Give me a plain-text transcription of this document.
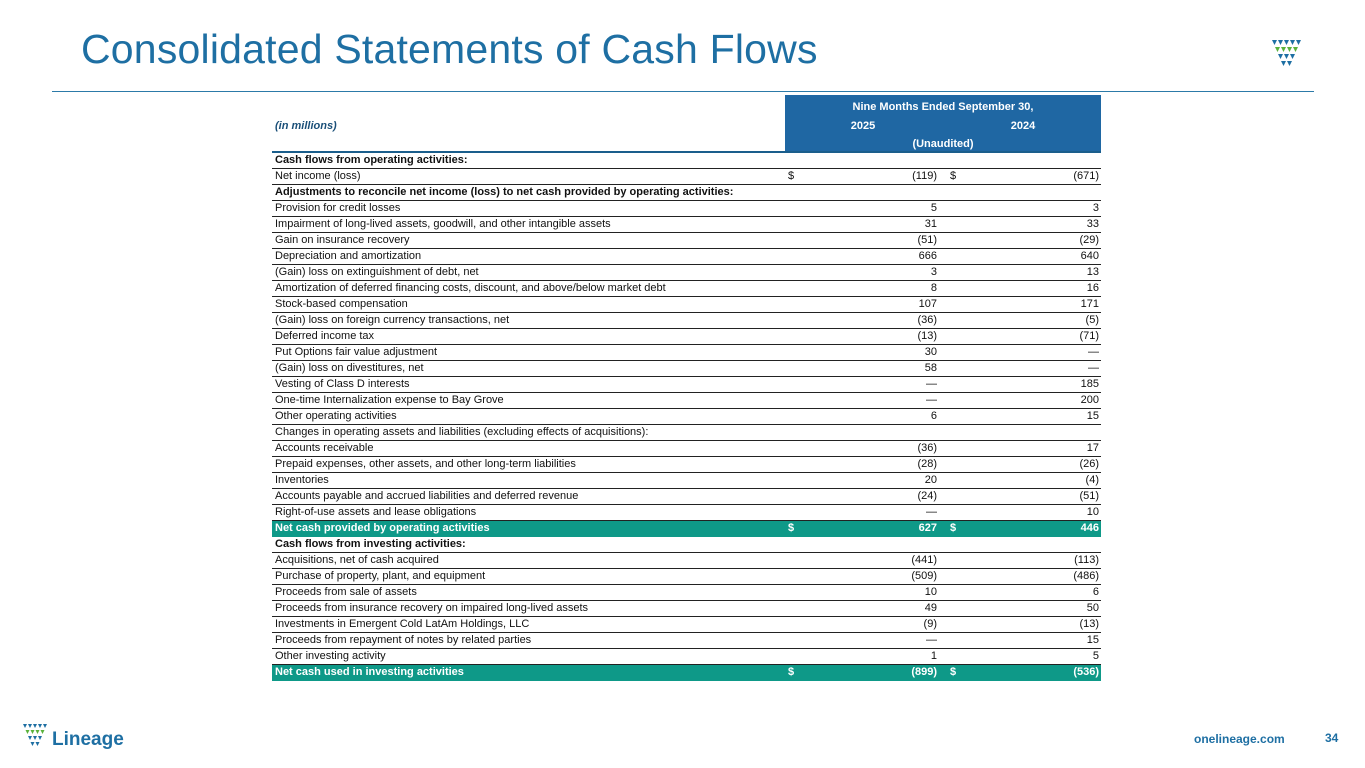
Consolidated Statements of Cash Flows
(in millions)
Nine Months Ended September 30,
2025	2024
(Unaudited)
Cash flows from operating activities:
Net income (loss)	$	(119) $	(671)
Adjustments to reconcile net income (loss) to net cash provided by operating activities:
Provision for credit losses	5	3
Impairment of long-lived assets, goodwill, and other intangible assets	31	33
Gain on insurance recovery	(51)	(29)
Depreciation and amortization	666	640
(Gain) loss on extinguishment of debt, net	3	13
Amortization of deferred financing costs, discount, and above/below market debt	8	16
Stock-based compensation	107	171
(Gain) loss on foreign currency transactions, net	(36)	(5)
Deferred income tax	(13)	(71)
Put Options fair value adjustment	30	—
(Gain) loss on divestitures, net	58	—
Vesting of Class D interests	—	185
One-time Internalization expense to Bay Grove	—	200
Other operating activities	6	15
Changes in operating assets and liabilities (excluding effects of acquisitions):
Accounts receivable	(36)	17
Prepaid expenses, other assets, and other long-term liabilities	(28)	(26)
Inventories	20	(4)
Accounts payable and accrued liabilities and deferred revenue	(24)	(51)
Right-of-use assets and lease obligations	—	10
Net cash provided by operating activities	$	627 $	446
Cash flows from investing activities:
Acquisitions, net of cash acquired	(441)	(113)
Purchase of property, plant, and equipment	(509)	(486)
Proceeds from sale of assets	10	6
Proceeds from insurance recovery on impaired long-lived assets	49	50
Investments in Emergent Cold LatAm Holdings, LLC	(9)	(13)
Proceeds from repayment of notes by related parties	—	15
Other investing activity	1	5
Net cash used in investing activities	$	(899) $	(536)
Lineage	onelineage.com	34
